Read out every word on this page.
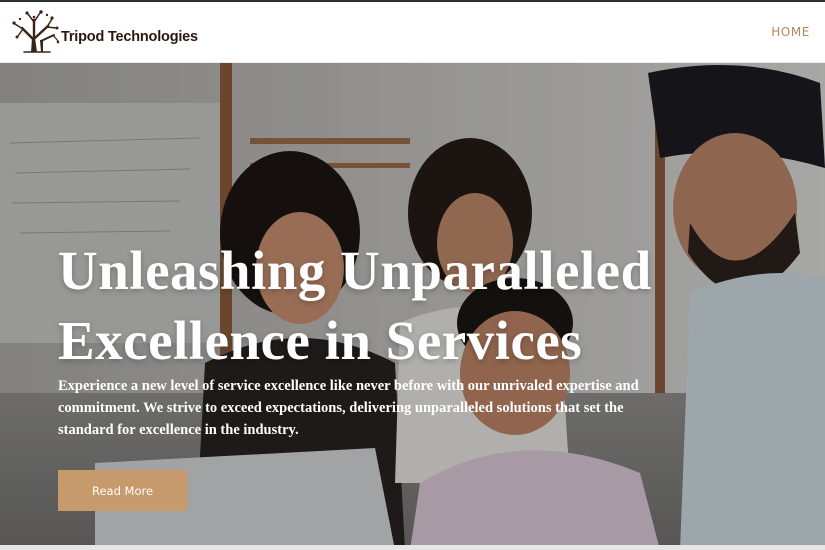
Tripod Technologies	HOME
Unleashing Unparalleled Excellence in Services

Experience a new level of service excellence like never before with our unrivaled expertise and commitment. We strive to exceed expectations, delivering unparalleled solutions that set the standard for excellence in the industry.

Read More
